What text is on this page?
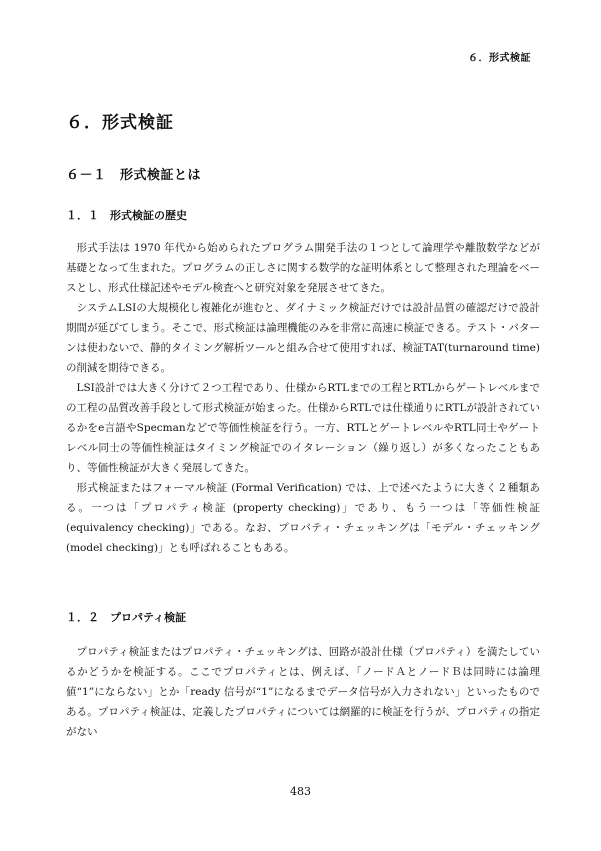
６．形式検証
６．形式検証
６－１　形式検証とは
１．１　形式検証の歴史

形式手法は 1970 年代から始められたプログラム開発手法の１つとして論理学や離散数学などが基礎となって生まれた。プログラムの正しさに関する数学的な証明体系として整理された理論をベースとし、形式仕様記述やモデル検査へと研究対象を発展させてきた。

システムLSIの大規模化し複雑化が進むと、ダイナミック検証だけでは設計品質の確認だけで設計期間が延びてしまう。そこで、形式検証は論理機能のみを非常に高速に検証できる。テスト・パターンは使わないで、静的タイミング解析ツールと組み合せて使用すれば、検証TAT(turnaround time) の削減を期待できる。

LSI設計では大きく分けて２つ工程であり、仕様からRTLまでの工程とRTLからゲートレベルまでの工程の品質改善手段として形式検証が始まった。仕様からRTLでは仕様通りにRTLが設計されているかをe言語やSpecmanなどで等価性検証を行う。一方、RTLとゲートレベルやRTL同士やゲートレベル同士の等価性検証はタイミング検証でのイタレーション（繰り返し）が多くなったこともあり、等価性検証が大きく発展してきた。

形式検証またはフォーマル検証 (Formal Verification) では、上で述べたように大きく２種類ある。一つは「プロパティ検証 (property checking)」であり、もう一つは「等価性検証 (equivalency checking)」である。なお、プロパティ・チェッキングは「モデル・チェッキング (model checking)」とも呼ばれることもある。

１．２　プロパティ検証

プロパティ検証またはプロパティ・チェッキングは、回路が設計仕様（プロパティ）を満たしているかどうかを検証する。ここでプロパティとは、例えば、「ノードＡとノードＢは同時には論理値“1”にならない」とか「ready 信号が“1”になるまでデータ信号が入力されない」といったものである。プロパティ検証は、定義したプロパティについては網羅的に検証を行うが、プロパティの指定がない

483
